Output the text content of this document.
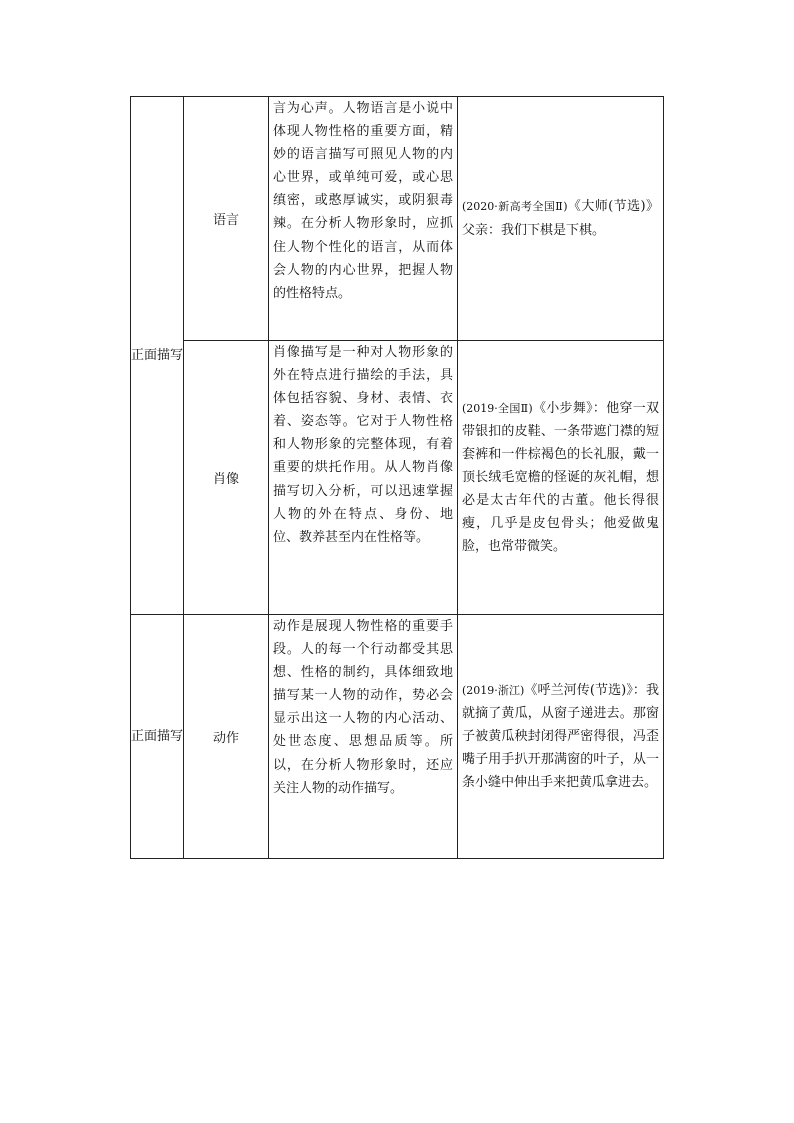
正面描写	语言	言为心声。人物语言是小说中体现人物性格的重要方面，精妙的语言描写可照见人物的内心世界，或单纯可爱，或心思缜密，或憨厚诚实，或阴狠毒辣。在分析人物形象时，应抓住人物个性化的语言，从而体会人物的内心世界，把握人物的性格特点。	(2020·新高考全国Ⅱ)《大师(节选)》父亲：我们下棋是下棋。
	肖像	肖像描写是一种对人物形象的外在特点进行描绘的手法，具体包括容貌、身材、表情、衣着、姿态等。它对于人物性格和人物形象的完整体现，有着重要的烘托作用。从人物肖像描写切入分析，可以迅速掌握人物的外在特点、身份、地位、教养甚至内在性格等。	(2019·全国Ⅱ)《小步舞》：他穿一双带银扣的皮鞋、一条带遮门襟的短套裤和一件棕褐色的长礼服，戴一顶长绒毛宽檐的怪诞的灰礼帽，想必是太古年代的古董。他长得很瘦，几乎是皮包骨头；他爱做鬼脸，也常带微笑。
正面描写	动作	动作是展现人物性格的重要手段。人的每一个行动都受其思想、性格的制约，具体细致地描写某一人物的动作，势必会显示出这一人物的内心活动、处世态度、思想品质等。所以，在分析人物形象时，还应关注人物的动作描写。	(2019·浙江)《呼兰河传(节选)》：我就摘了黄瓜，从窗子递进去。那窗子被黄瓜秧封闭得严密得很，冯歪嘴子用手扒开那满窗的叶子，从一条小缝中伸出手来把黄瓜拿进去。
